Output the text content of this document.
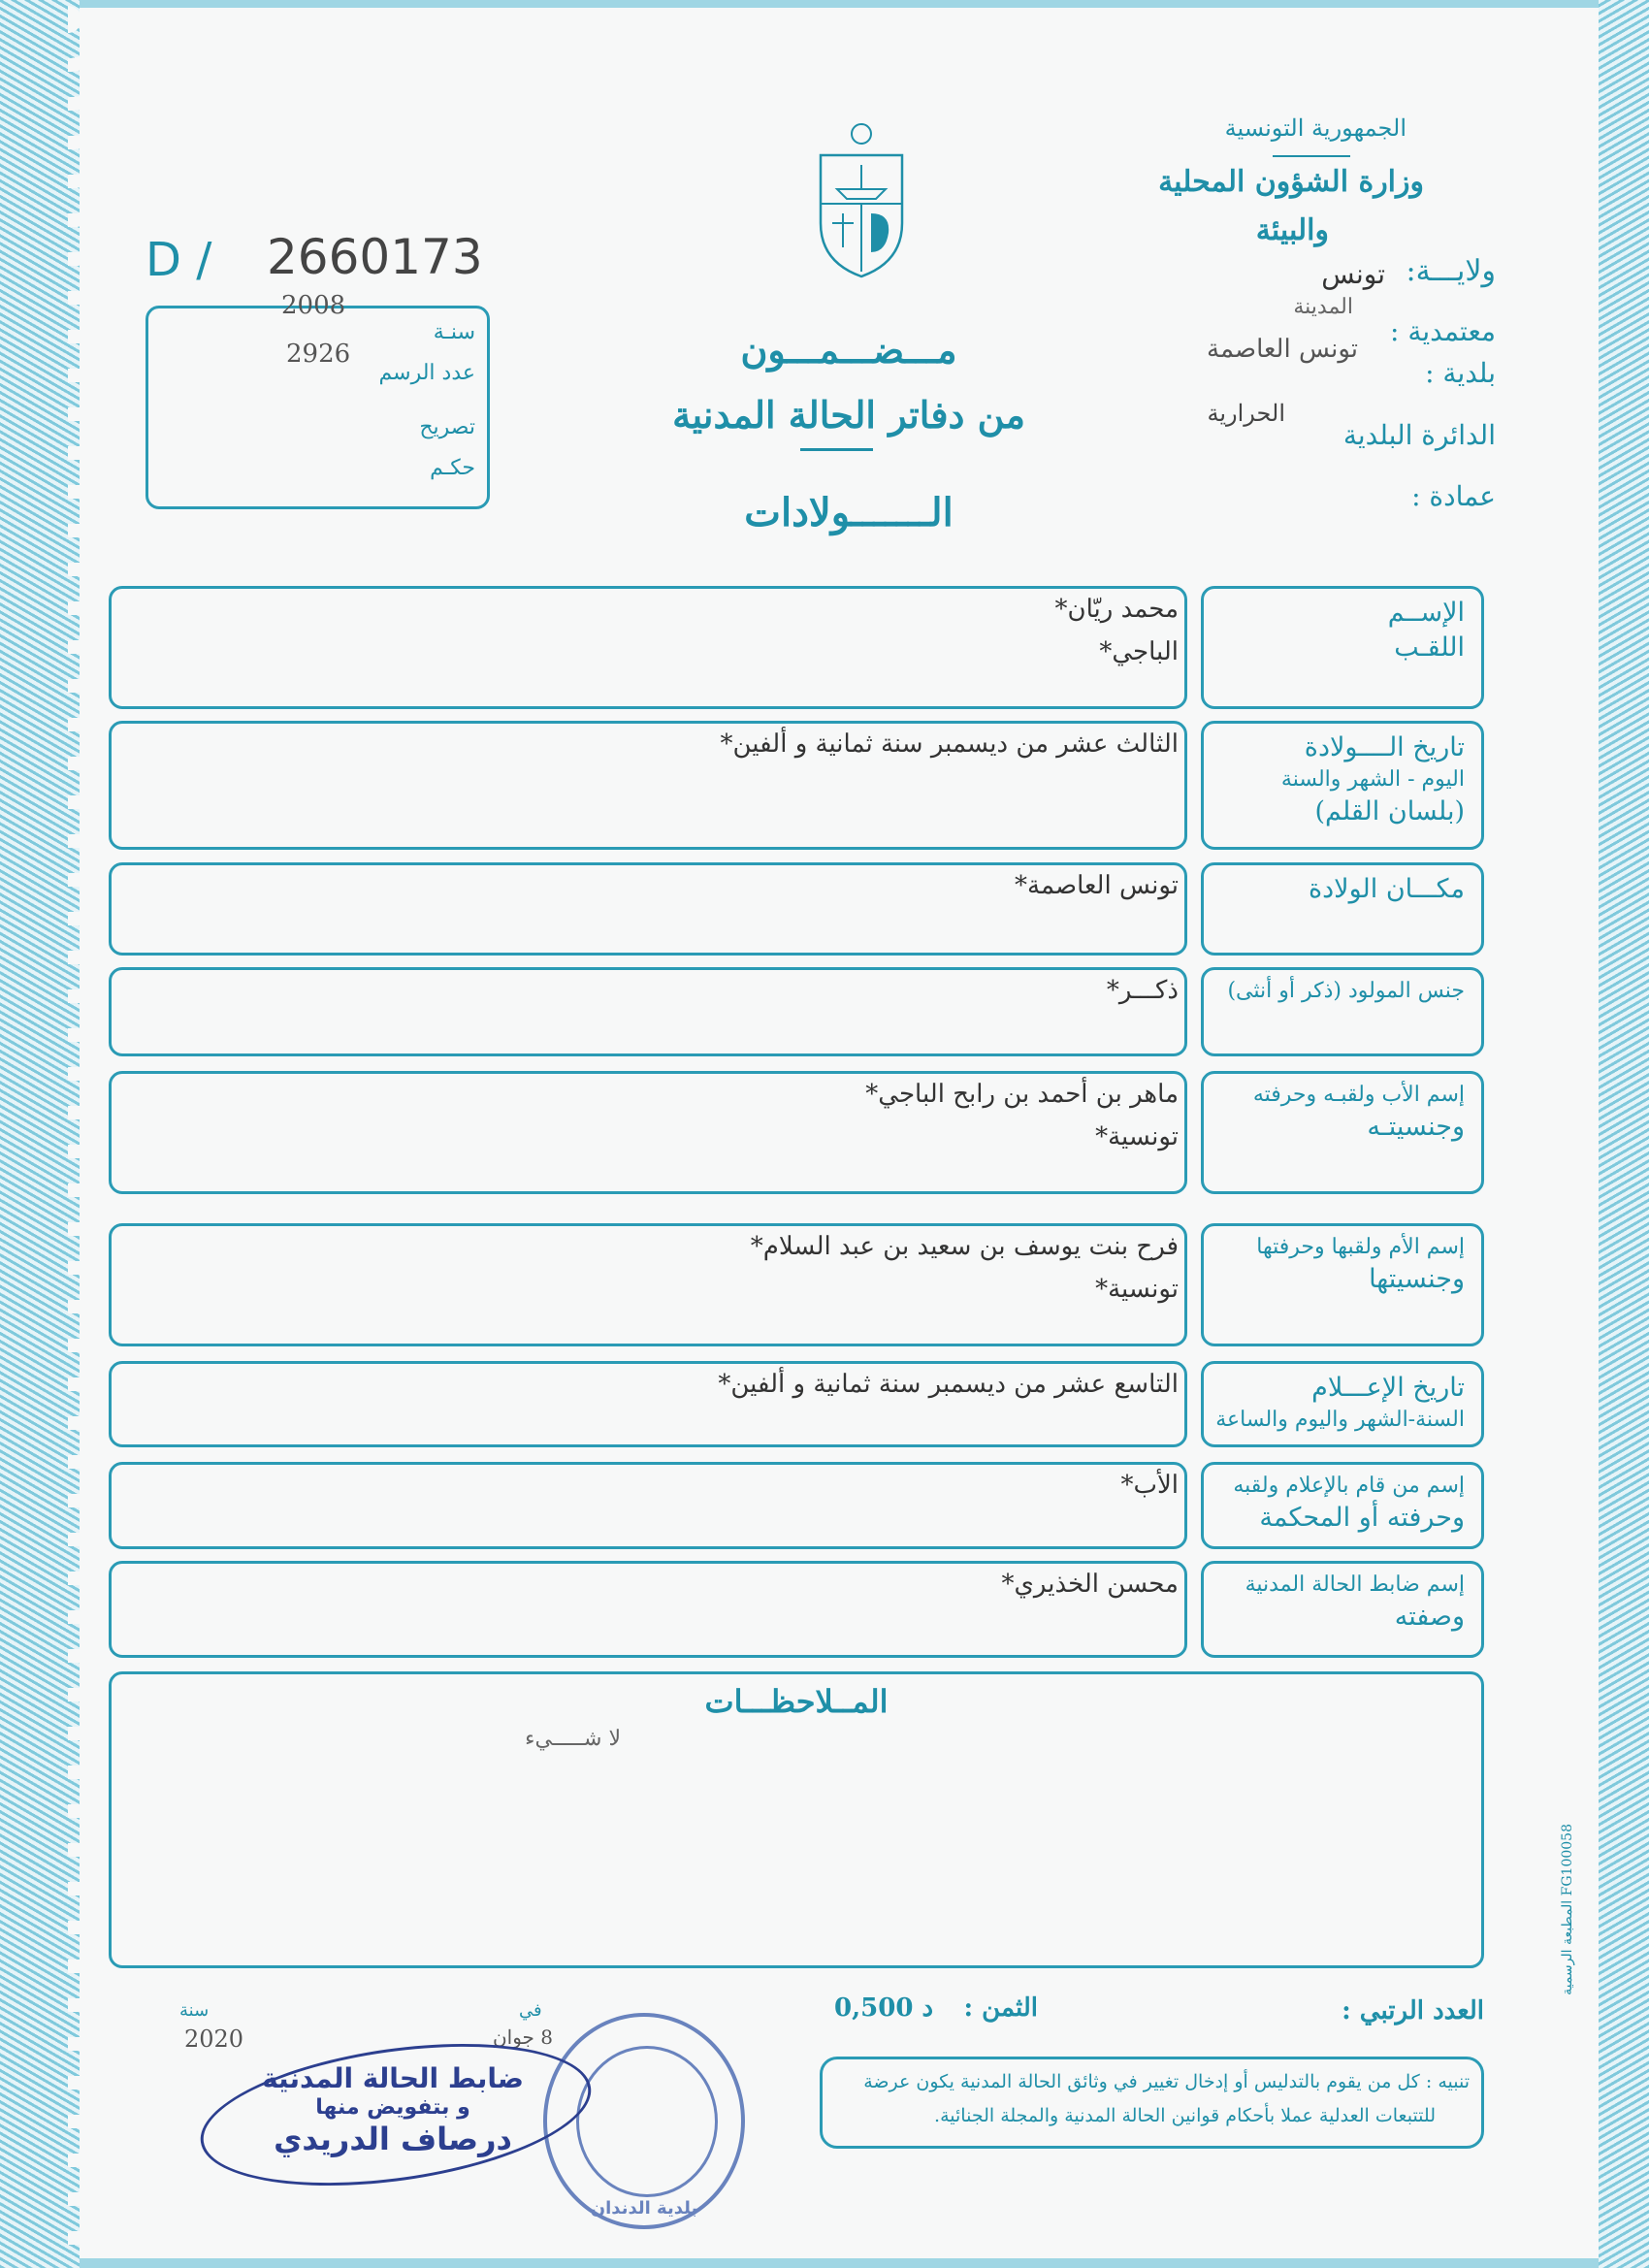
الجمهورية التونسية
وزارة الشؤون المحلية
والبيئة
ولايـــة:
تونس
المدينة
معتمدية :
تونس العاصمة
بلدية :
الحرارية
الدائرة البلدية
عمادة :
D / 2660173
2008
سنـة
2926
عدد الرسم
تصريح
حكـم
مـــضـــمـــون
من دفاتر الحالة المدنية
الـــــــولادات
الإســم
اللقـب
محمد ريّان*
الباجي*
تاريخ الــــولادة
اليوم - الشهر والسنة
(بلسان القلم)
الثالث عشر من ديسمبر سنة ثمانية و ألفين*
مكـــان الولادة
تونس العاصمة*
جنس المولود (ذكر أو أنثى)
ذكـــر*
إسم الأب ولقبـه وحرفته
وجنسيتـه
ماهر بن أحمد بن رابح الباجي*
تونسية*
إسم الأم ولقبها وحرفتها
وجنسيتها
فرح بنت يوسف بن سعيد بن عبد السلام*
تونسية*
تاريخ الإعـــلام
السنة-الشهر واليوم والساعة
التاسع عشر من ديسمبر سنة ثمانية و ألفين*
إسم من قام بالإعلام ولقبه
وحرفته أو المحكمة
الأب*
إسم ضابط الحالة المدنية
وصفته
محسن الخذيري*
المــلاحظـــات
لا شـــــيء
المطبعة الرسمية FG100058
العدد الرتبي :
الثمن :
0,500 د
سنة
2020
في
8 جوان
تنبيه : كل من يقوم بالتدليس أو إدخال تغيير في وثائق الحالة المدنية يكون عرضة
للتتبعات العدلية عملا بأحكام قوانين الحالة المدنية والمجلة الجنائية.
بلدية الدندان
ضابط الحالة المدنية
و بتفويض منها
درصاف الدريدي
